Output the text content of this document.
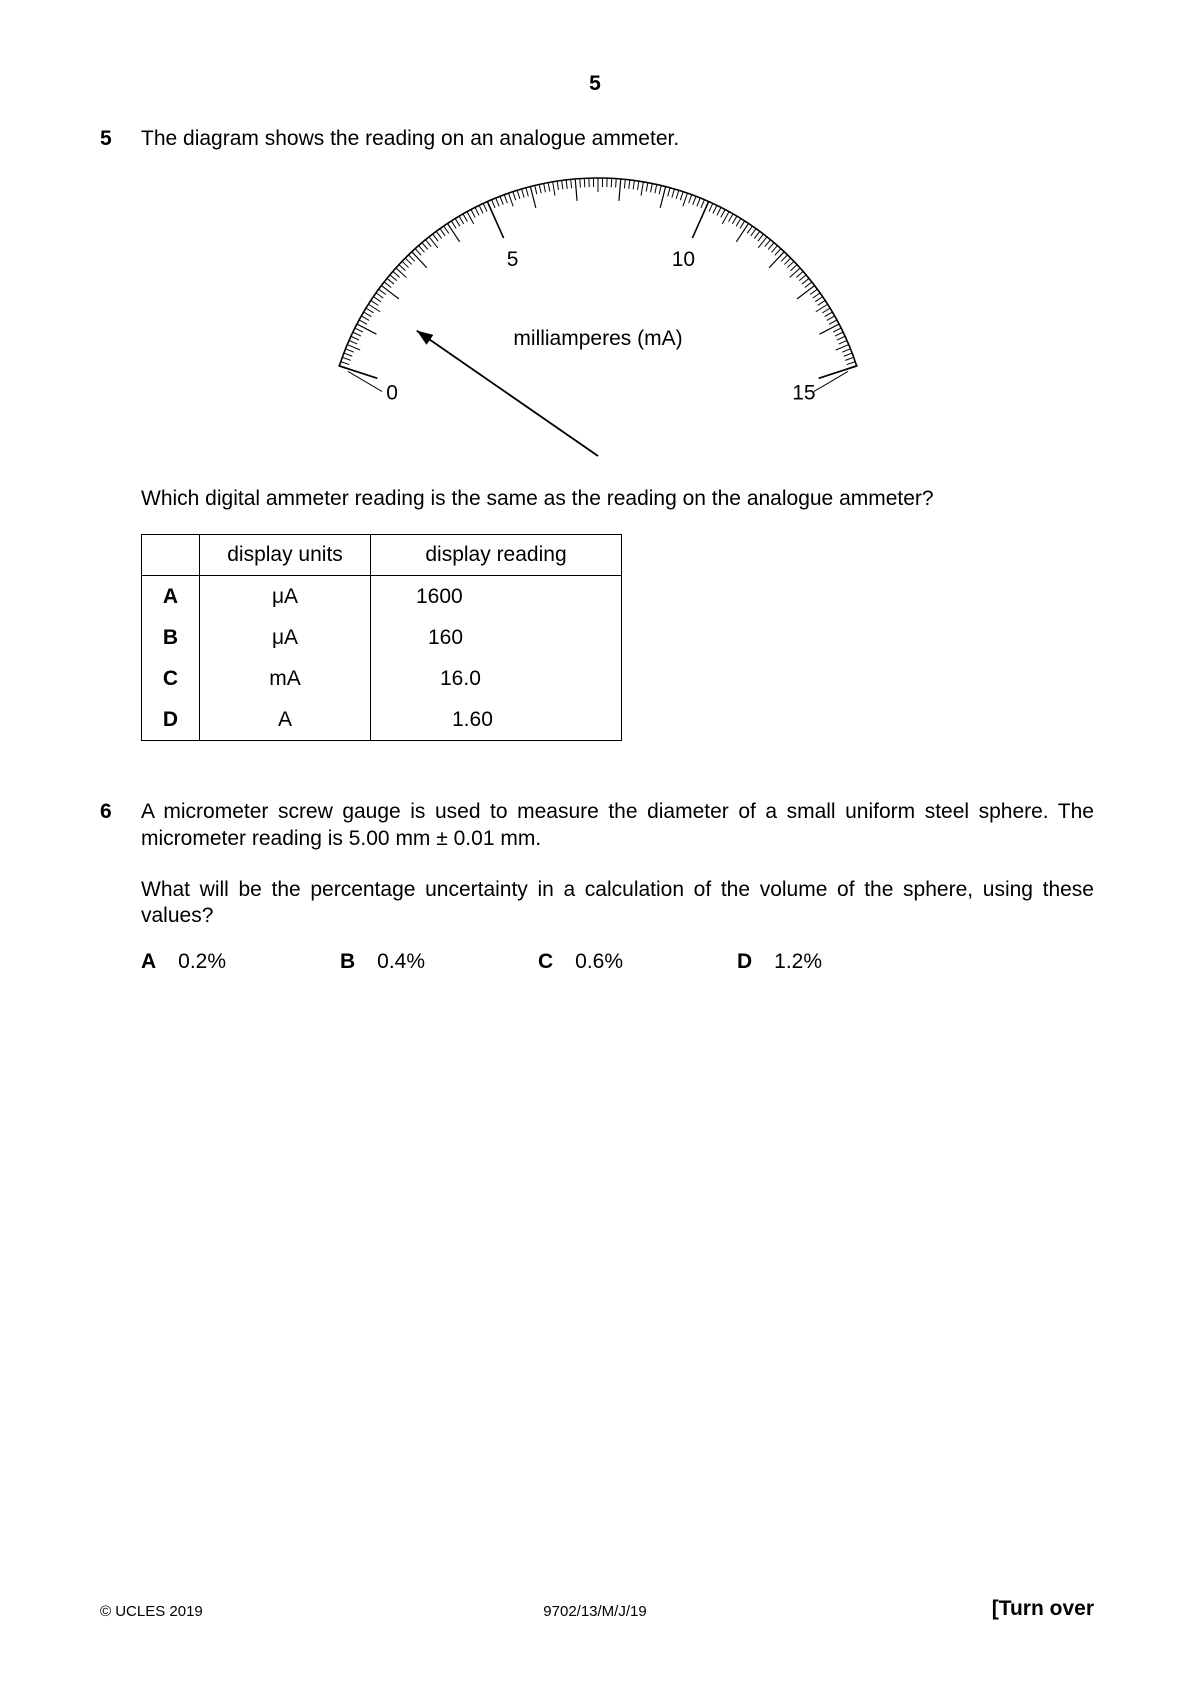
5
5 The diagram shows the reading on an analogue ammeter.
0
5	10
15
milliamperes (mA)
Which digital ammeter reading is the same as the reading on the analogue ammeter?
	display units	display reading
A	μA	1600
B	μA	160
C	mA	16.0
D	A	1.60
6 A micrometer screw gauge is used to measure the diameter of a small uniform steel sphere. The
micrometer reading is 5.00 mm ± 0.01 mm.
What will be the percentage uncertainty in a calculation of the volume of the sphere, using these
values?
A 0.2%	B 0.4%	C 0.6%	D 1.2%
© UCLES 2019	9702/13/M/J/19	[Turn over
